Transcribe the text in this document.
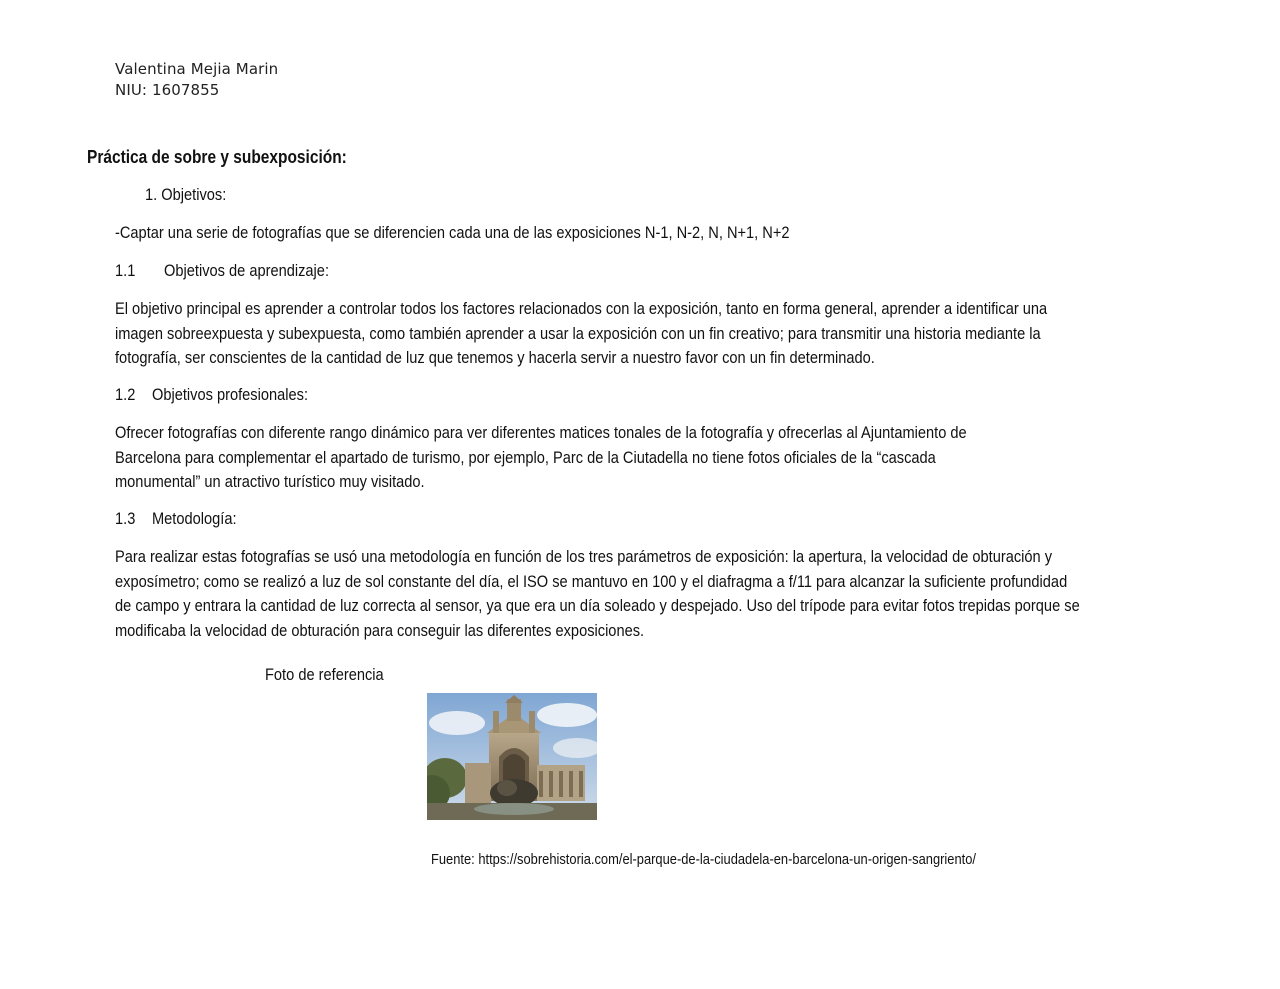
Valentina Mejia Marin
NIU: 1607855
Práctica de sobre y subexposición:
1. Objetivos:
-Captar una serie de fotografías que se diferencien cada una de las exposiciones N-1, N-2, N, N+1, N+2
1.1 Objetivos de aprendizaje:
El objetivo principal es aprender a controlar todos los factores relacionados con la exposición, tanto en forma general, aprender a identificar una
imagen sobreexpuesta y subexpuesta, como también aprender a usar la exposición con un fin creativo; para transmitir una historia mediante la
fotografía, ser conscientes de la cantidad de luz que tenemos y hacerla servir a nuestro favor con un fin determinado.
1.2 Objetivos profesionales:
Ofrecer fotografías con diferente rango dinámico para ver diferentes matices tonales de la fotografía y ofrecerlas al Ajuntamiento de
Barcelona para complementar el apartado de turismo, por ejemplo, Parc de la Ciutadella no tiene fotos oficiales de la “cascada
monumental” un atractivo turístico muy visitado.
1.3 Metodología:
Para realizar estas fotografías se usó una metodología en función de los tres parámetros de exposición: la apertura, la velocidad de obturación y
exposímetro; como se realizó a luz de sol constante del día, el ISO se mantuvo en 100 y el diafragma a f/11 para alcanzar la suficiente profundidad
de campo y entrara la cantidad de luz correcta al sensor, ya que era un día soleado y despejado. Uso del trípode para evitar fotos trepidas porque se
modificaba la velocidad de obturación para conseguir las diferentes exposiciones.
Foto de referencia
Fuente: https://sobrehistoria.com/el-parque-de-la-ciudadela-en-barcelona-un-origen-sangriento/
